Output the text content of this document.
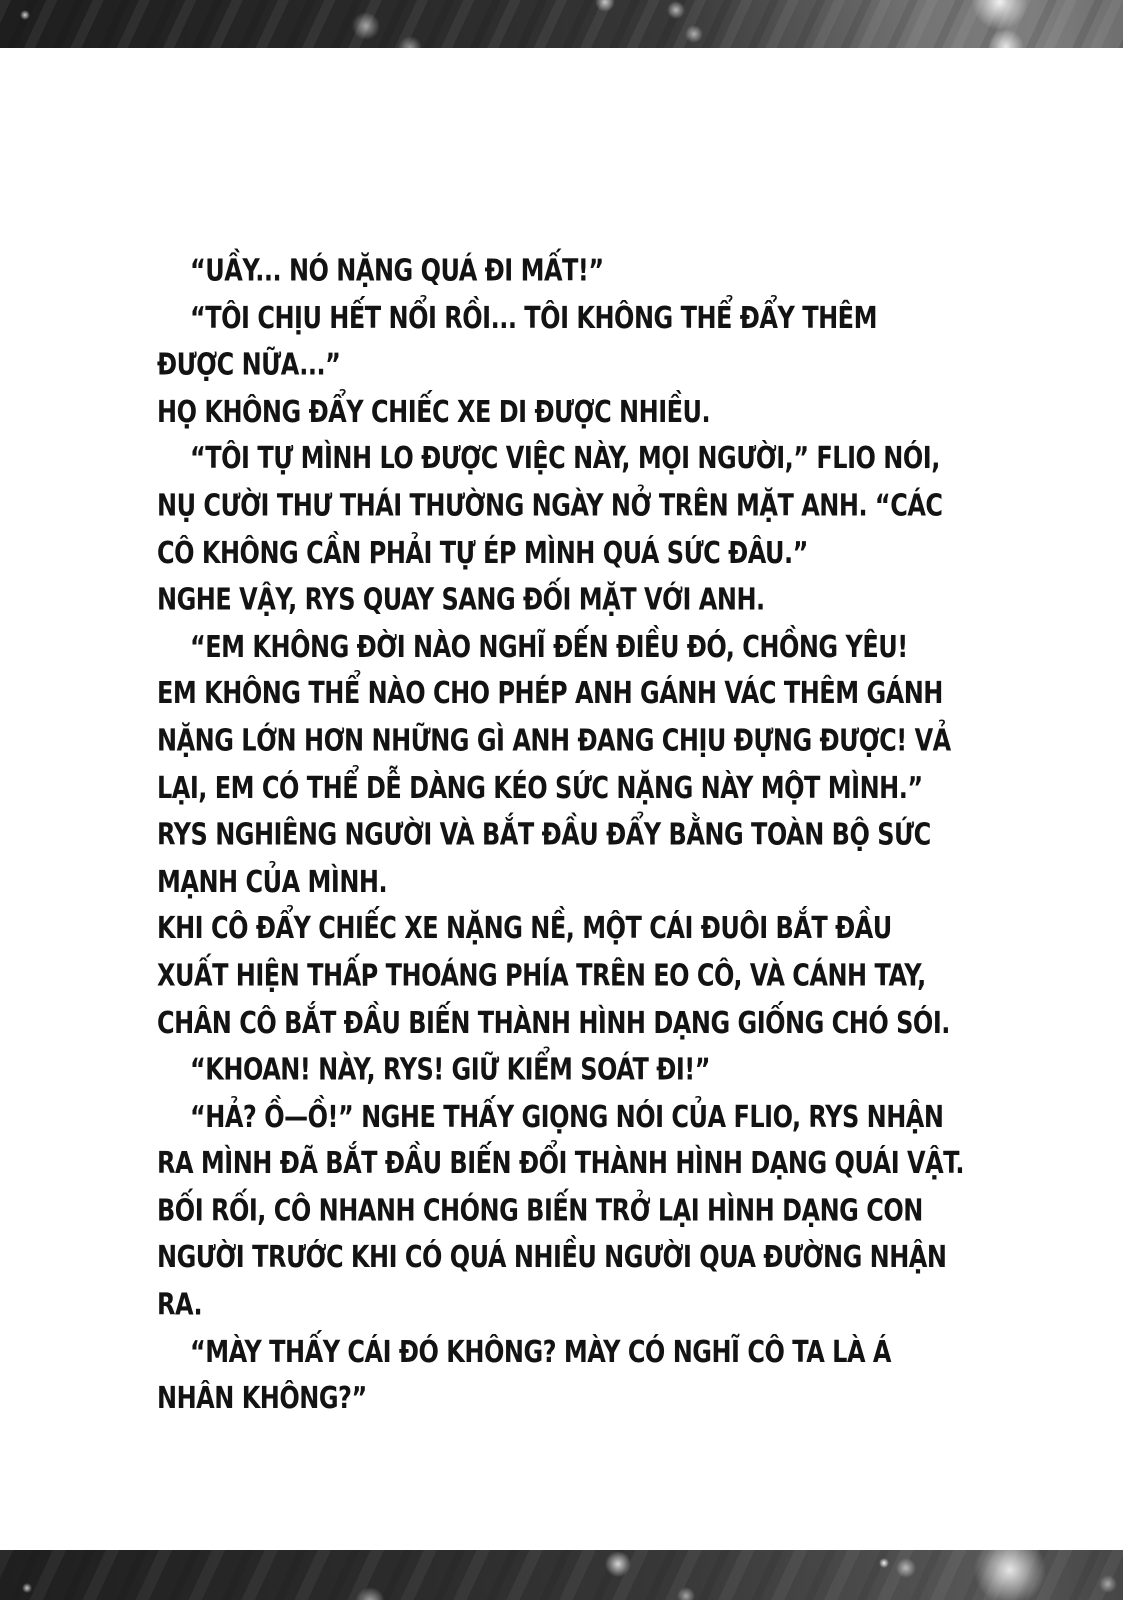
“UẦY... NÓ NẶNG QUÁ ĐI MẤT!”
“TÔI CHỊU HẾT NỔI RỒI... TÔI KHÔNG THỂ ĐẨY THÊM
ĐƯỢC NỮA...”
HỌ KHÔNG ĐẨY CHIẾC XE DI ĐƯỢC NHIỀU.
“TÔI TỰ MÌNH LO ĐƯỢC VIỆC NÀY, MỌI NGƯỜI,” FLIO NÓI,
NỤ CƯỜI THƯ THÁI THƯỜNG NGÀY NỞ TRÊN MẶT ANH. “CÁC
CÔ KHÔNG CẦN PHẢI TỰ ÉP MÌNH QUÁ SỨC ĐÂU.”
NGHE VẬY, RYS QUAY SANG ĐỐI MẶT VỚI ANH.
“EM KHÔNG ĐỜI NÀO NGHĨ ĐẾN ĐIỀU ĐÓ, CHỒNG YÊU!
EM KHÔNG THỂ NÀO CHO PHÉP ANH GÁNH VÁC THÊM GÁNH
NẶNG LỚN HƠN NHỮNG GÌ ANH ĐANG CHỊU ĐỰNG ĐƯỢC! VẢ
LẠI, EM CÓ THỂ DỄ DÀNG KÉO SỨC NẶNG NÀY MỘT MÌNH.”
RYS NGHIÊNG NGƯỜI VÀ BẮT ĐẦU ĐẨY BẰNG TOÀN BỘ SỨC
MẠNH CỦA MÌNH.
KHI CÔ ĐẨY CHIẾC XE NẶNG NỀ, MỘT CÁI ĐUÔI BẮT ĐẦU
XUẤT HIỆN THẤP THOÁNG PHÍA TRÊN EO CÔ, VÀ CÁNH TAY,
CHÂN CÔ BẮT ĐẦU BIẾN THÀNH HÌNH DẠNG GIỐNG CHÓ SÓI.
“KHOAN! NÀY, RYS! GIỮ KIỂM SOÁT ĐI!”
“HẢ? Ồ—Ồ!” NGHE THẤY GIỌNG NÓI CỦA FLIO, RYS NHẬN
RA MÌNH ĐÃ BẮT ĐẦU BIẾN ĐỔI THÀNH HÌNH DẠNG QUÁI VẬT.
BỐI RỐI, CÔ NHANH CHÓNG BIẾN TRỞ LẠI HÌNH DẠNG CON
NGƯỜI TRƯỚC KHI CÓ QUÁ NHIỀU NGƯỜI QUA ĐƯỜNG NHẬN
RA.
“MÀY THẤY CÁI ĐÓ KHÔNG? MÀY CÓ NGHĨ CÔ TA LÀ Á
NHÂN KHÔNG?”
